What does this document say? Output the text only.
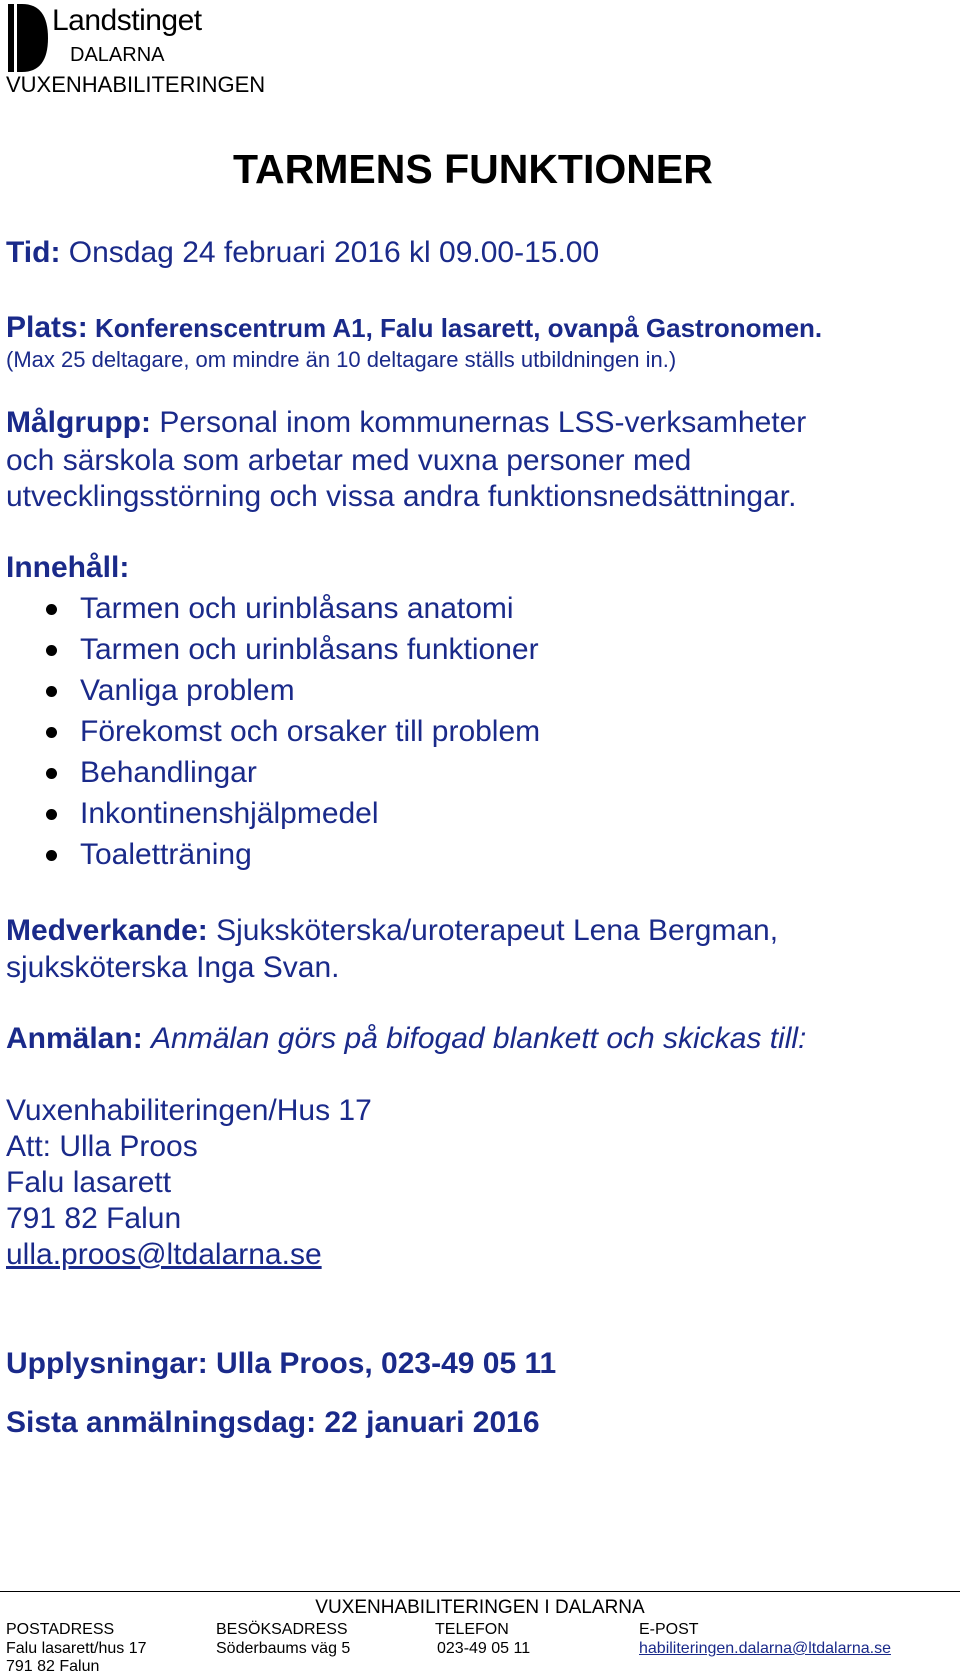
Landstinget
DALARNA
VUXENHABILITERINGEN
TARMENS FUNKTIONER
Tid: Onsdag 24 februari 2016 kl 09.00-15.00
Plats: Konferenscentrum A1, Falu lasarett, ovanpå Gastronomen.
(Max 25 deltagare, om mindre än 10 deltagare ställs utbildningen in.)
Målgrupp: Personal inom kommunernas LSS-verksamheter
och särskola som arbetar med vuxna personer med
utvecklingsstörning och vissa andra funktionsnedsättningar.
Innehåll:
Tarmen och urinblåsans anatomi
Tarmen och urinblåsans funktioner
Vanliga problem
Förekomst och orsaker till problem
Behandlingar
Inkontinenshjälpmedel
Toaletträning
Medverkande: Sjuksköterska/uroterapeut Lena Bergman,
sjuksköterska Inga Svan.
Anmälan: Anmälan görs på bifogad blankett och skickas till:
Vuxenhabiliteringen/Hus 17
Att: Ulla Proos
Falu lasarett
791 82 Falun
ulla.proos@ltdalarna.se
Upplysningar: Ulla Proos, 023-49 05 11
Sista anmälningsdag: 22 januari 2016
VUXENHABILITERINGEN I DALARNA
POSTADRESS
Falu lasarett/hus 17
791 82 Falun
BESÖKSADRESS
Söderbaums väg 5
TELEFON
023-49 05 11
E-POST
habiliteringen.dalarna@ltdalarna.se
